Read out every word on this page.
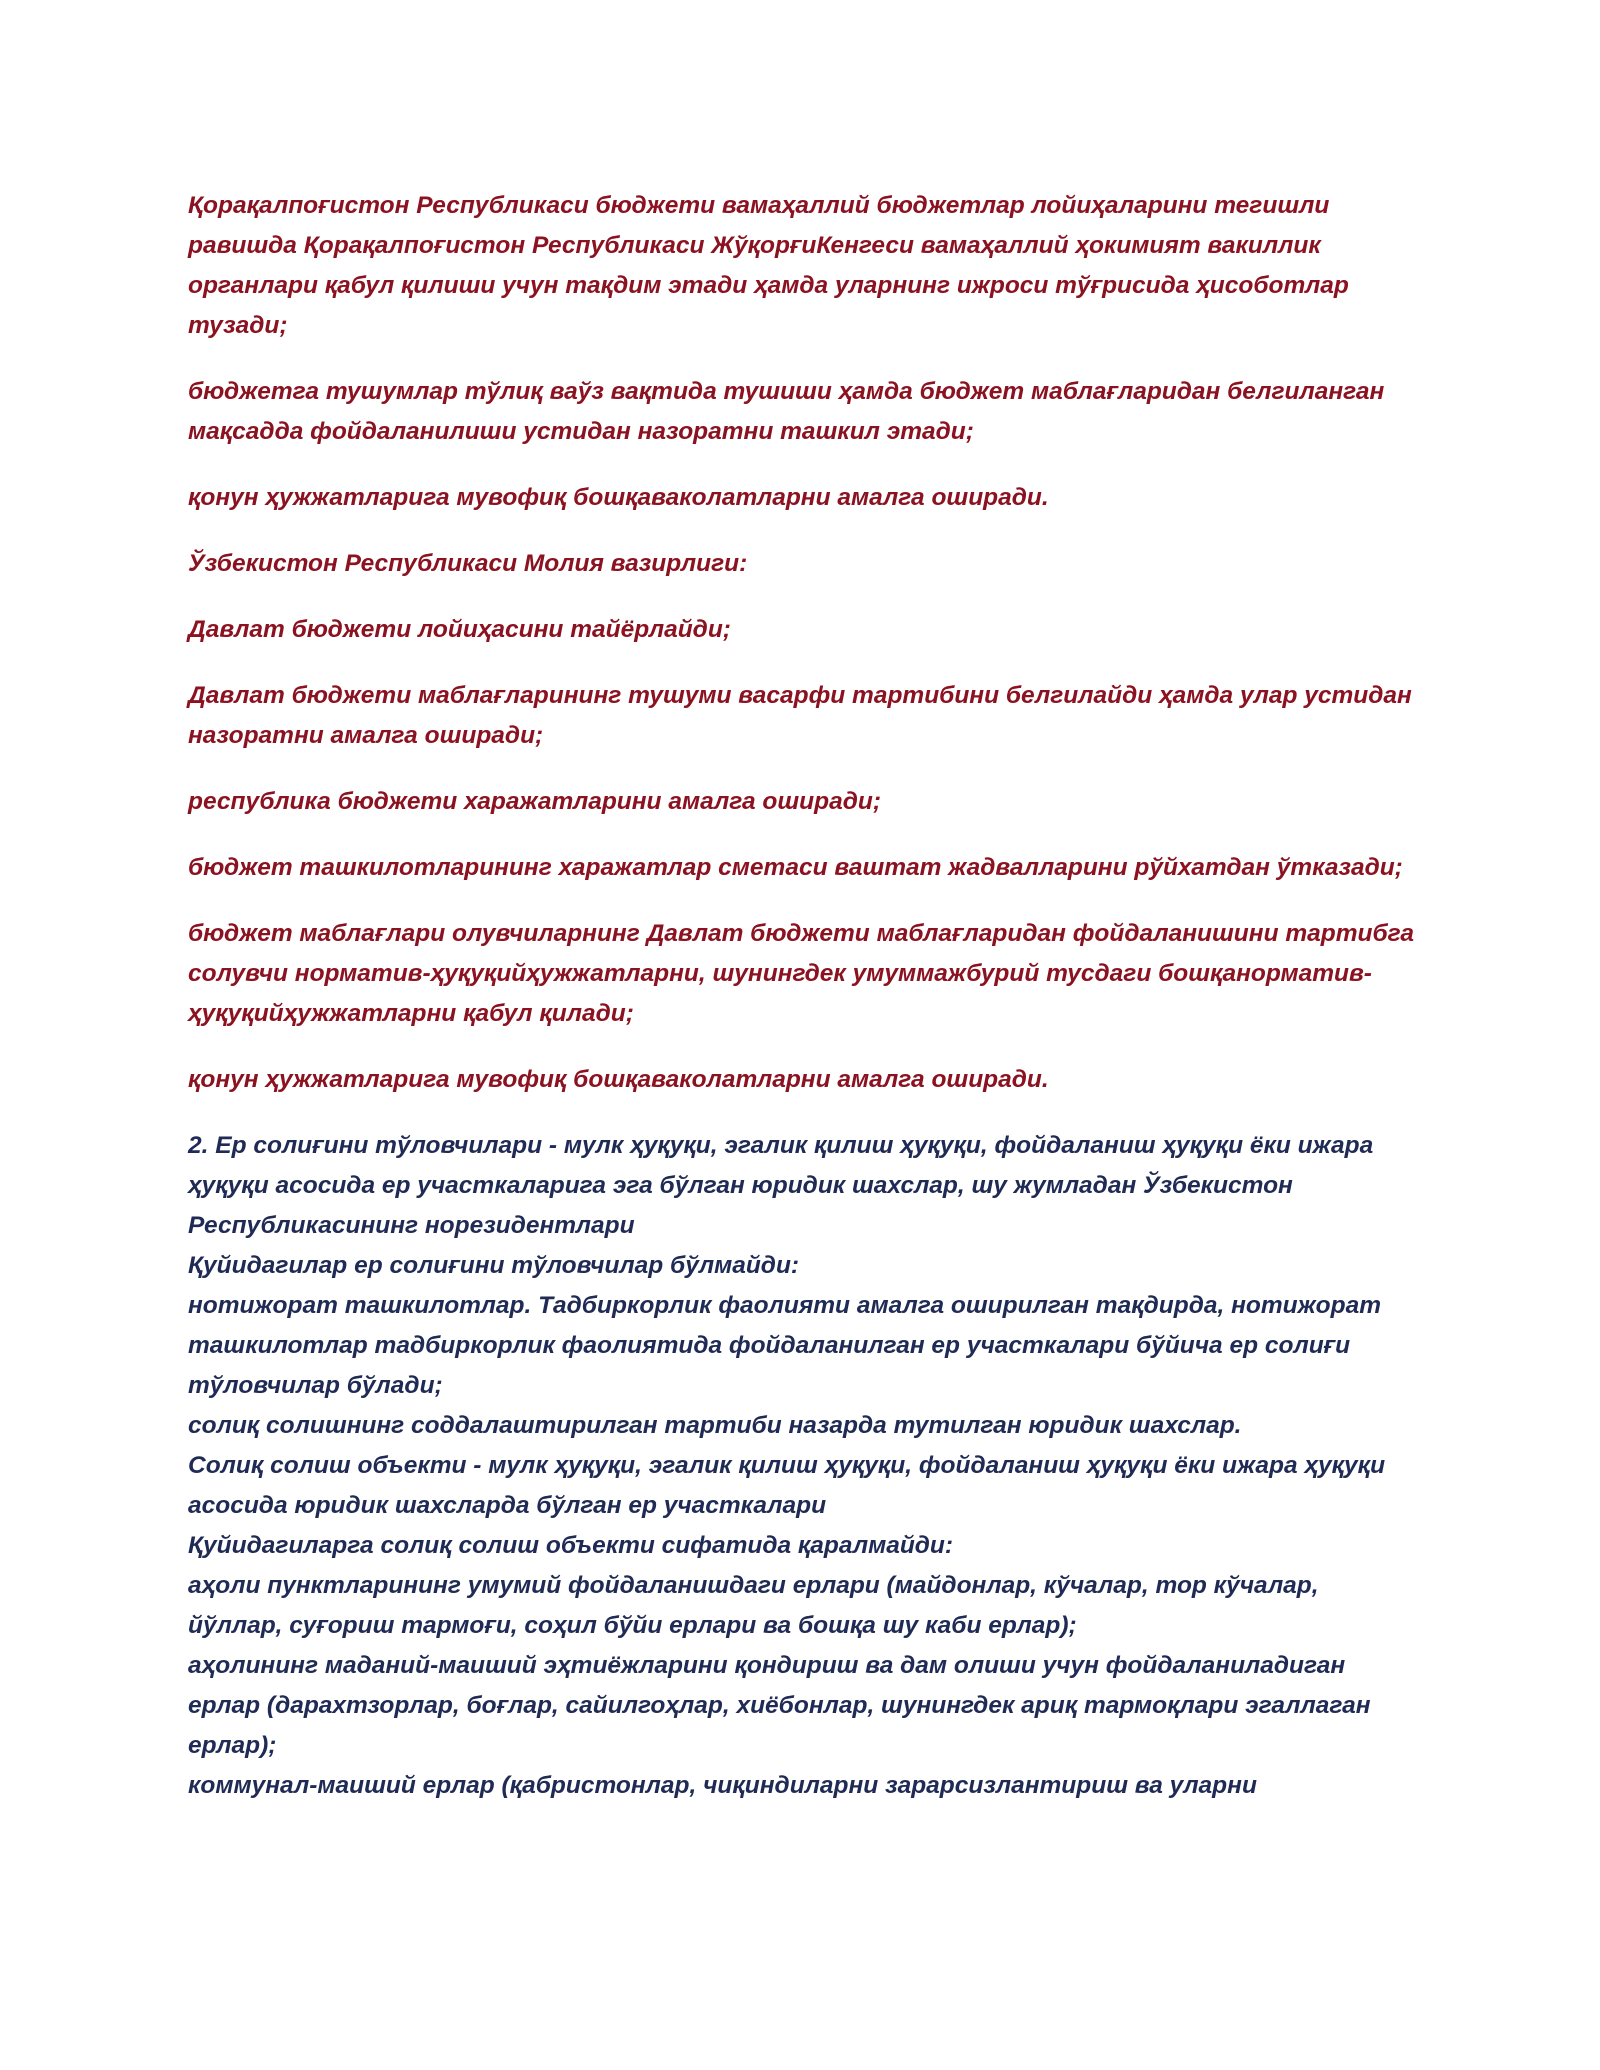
Қорақалпоғистон Республикаси бюджети вамаҳаллий бюджетлар лойиҳаларини тегишли равишда Қорақалпоғистон Республикаси ЖўқорғиКенгеси вамаҳаллий ҳокимият вакиллик органлари қабул қилиши учун тақдим этади ҳамда уларнинг ижроси тўғрисида ҳисоботлар тузади;

бюджетга тушумлар тўлиқ ваўз вақтида тушиши ҳамда бюджет маблағларидан белгиланган мақсадда фойдаланилиши устидан назоратни ташкил этади;

қонун ҳужжатларига мувофиқ бошқаваколатларни амалга оширади.

Ўзбекистон Республикаси Молия вазирлиги:

Давлат бюджети лойиҳасини тайёрлайди;

Давлат бюджети маблағларининг тушуми васарфи тартибини белгилайди ҳамда улар устидан назоратни амалга оширади;

республика бюджети харажатларини амалга оширади;

бюджет ташкилотларининг харажатлар сметаси ваштат жадвалларини рўйхатдан ўтказади;

бюджет маблағлари олувчиларнинг Давлат бюджети маблағларидан фойдаланишини тартибга солувчи норматив-ҳуқуқийҳужжатларни, шунингдек умуммажбурий тусдаги бошқанорматив-ҳуқуқийҳужжатларни қабул қилади;

қонун ҳужжатларига мувофиқ бошқаваколатларни амалга оширади.

2. Ер солиғини тўловчилари - мулк ҳуқуқи, эгалик қилиш ҳуқуқи, фойдаланиш ҳуқуқи ёки ижара ҳуқуқи асосида ер участкаларига эга бўлган юридик шахслар, шу жумладан Ўзбекистон Республикасининг норезидентлари

Қуйидагилар ер солиғини тўловчилар бўлмайди:

нотижорат ташкилотлар. Тадбиркорлик фаолияти амалга оширилган тақдирда, нотижорат ташкилотлар тадбиркорлик фаолиятида фойдаланилган ер участкалари бўйича ер солиғи тўловчилар бўлади;

солиқ солишнинг соддалаштирилган тартиби назарда тутилган юридик шахслар.

Солиқ солиш объекти - мулк ҳуқуқи, эгалик қилиш ҳуқуқи, фойдаланиш ҳуқуқи ёки ижара ҳуқуқи асосида юридик шахсларда бўлган ер участкалари

Қуйидагиларга солиқ солиш объекти сифатида қаралмайди:

аҳоли пунктларининг умумий фойдаланишдаги ерлари (майдонлар, кўчалар, тор кўчалар, йўллар, суғориш тармоғи, соҳил бўйи ерлари ва бошқа шу каби ерлар);

аҳолининг маданий-маиший эҳтиёжларини қондириш ва дам олиши учун фойдаланиладиган ерлар (дарахтзорлар, боғлар, сайилгоҳлар, хиёбонлар, шунингдек ариқ тармоқлари эгаллаган ерлар);

коммунал-маиший ерлар (қабристонлар, чиқиндиларни зарарсизлантириш ва уларни
